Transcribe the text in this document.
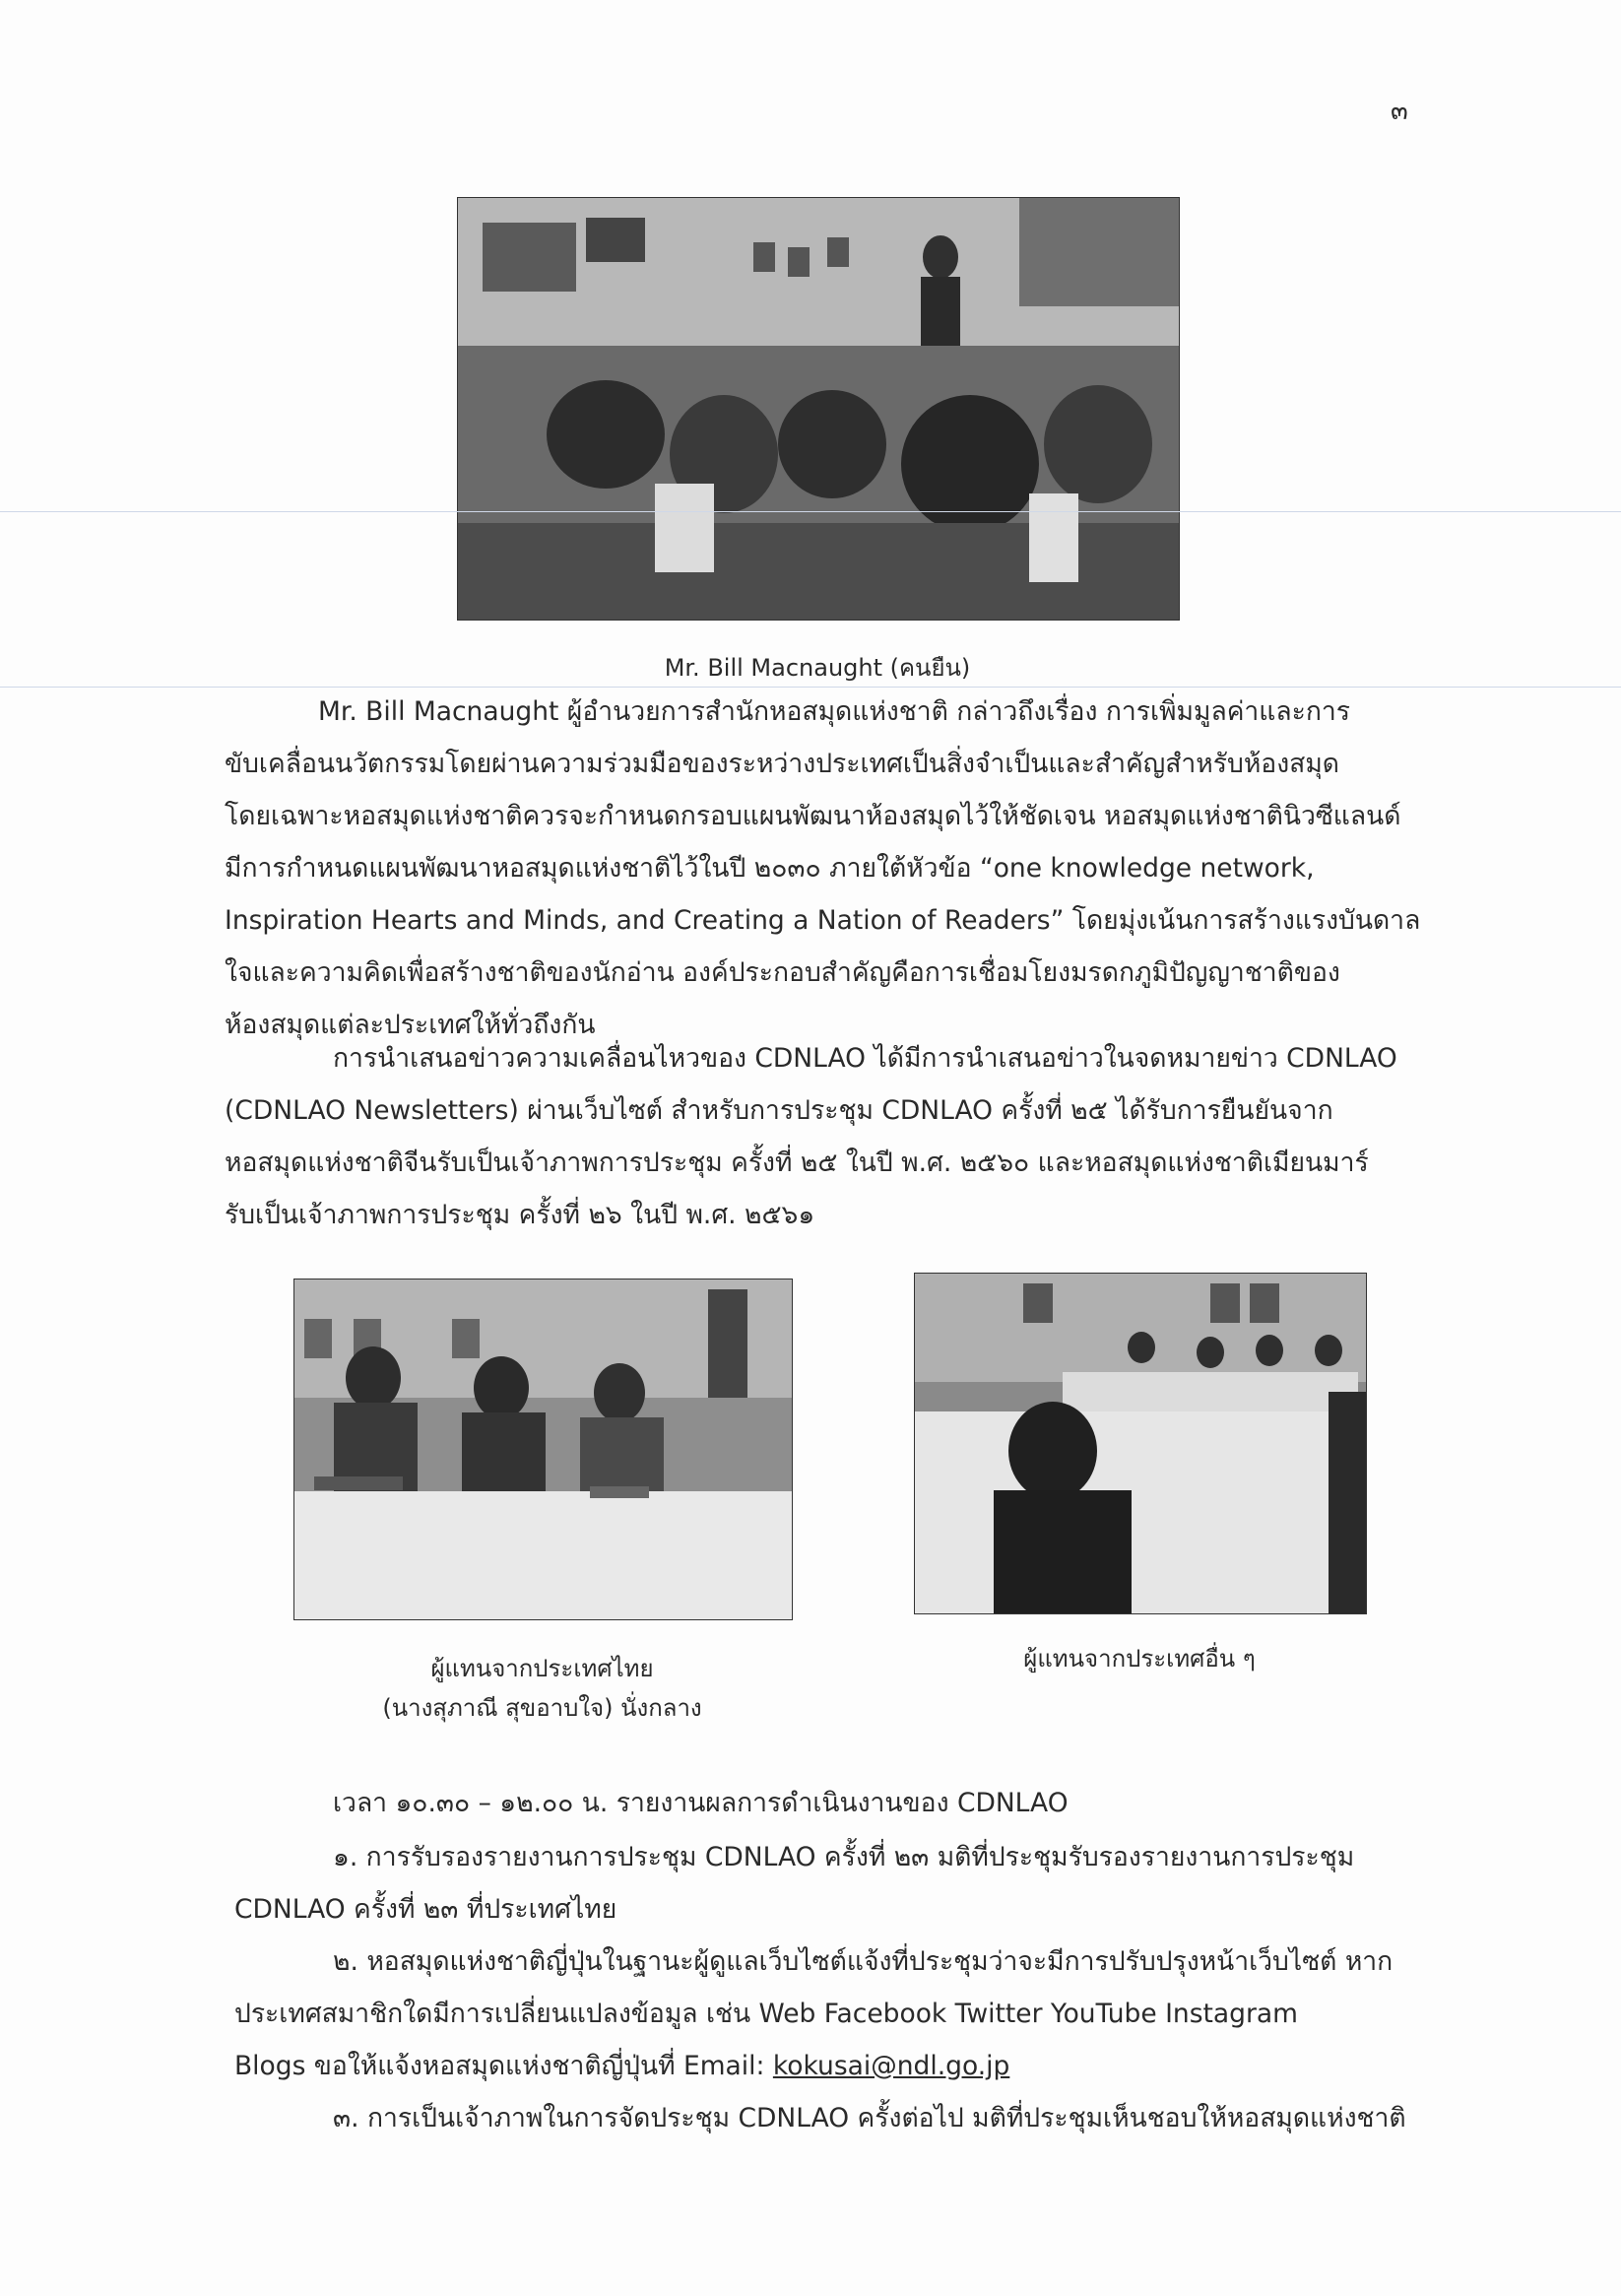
๓
Mr. Bill Macnaught (คนยืน)
Mr. Bill Macnaught ผู้อำนวยการสำนักหอสมุดแห่งชาติ กล่าวถึงเรื่อง การเพิ่มมูลค่าและการ
ขับเคลื่อนนวัตกรรมโดยผ่านความร่วมมือของระหว่างประเทศเป็นสิ่งจำเป็นและสำคัญสำหรับห้องสมุด
โดยเฉพาะหอสมุดแห่งชาติควรจะกำหนดกรอบแผนพัฒนาห้องสมุดไว้ให้ชัดเจน หอสมุดแห่งชาตินิวซีแลนด์
มีการกำหนดแผนพัฒนาหอสมุดแห่งชาติไว้ในปี ๒๐๓๐ ภายใต้หัวข้อ “one knowledge network,
Inspiration Hearts and Minds, and Creating a Nation of Readers” โดยมุ่งเน้นการสร้างแรงบันดาล
ใจและความคิดเพื่อสร้างชาติของนักอ่าน องค์ประกอบสำคัญคือการเชื่อมโยงมรดกภูมิปัญญาชาติของ
ห้องสมุดแต่ละประเทศให้ทั่วถึงกัน
การนำเสนอข่าวความเคลื่อนไหวของ CDNLAO ได้มีการนำเสนอข่าวในจดหมายข่าว CDNLAO
(CDNLAO Newsletters) ผ่านเว็บไซต์ สำหรับการประชุม CDNLAO ครั้งที่ ๒๕ ได้รับการยืนยันจาก
หอสมุดแห่งชาติจีนรับเป็นเจ้าภาพการประชุม ครั้งที่ ๒๕ ในปี พ.ศ. ๒๕๖๐ และหอสมุดแห่งชาติเมียนมาร์
รับเป็นเจ้าภาพการประชุม ครั้งที่ ๒๖ ในปี พ.ศ. ๒๕๖๑
ผู้แทนจากประเทศไทย
(นางสุภาณี สุขอาบใจ) นั่งกลาง
ผู้แทนจากประเทศอื่น ๆ
เวลา ๑๐.๓๐ – ๑๒.๐๐ น. รายงานผลการดำเนินงานของ CDNLAO
๑. การรับรองรายงานการประชุม CDNLAO ครั้งที่ ๒๓ มติที่ประชุมรับรองรายงานการประชุม
CDNLAO ครั้งที่ ๒๓ ที่ประเทศไทย
๒. หอสมุดแห่งชาติญี่ปุ่นในฐานะผู้ดูแลเว็บไซต์แจ้งที่ประชุมว่าจะมีการปรับปรุงหน้าเว็บไซต์ หาก
ประเทศสมาชิกใดมีการเปลี่ยนแปลงข้อมูล เช่น Web Facebook Twitter YouTube Instagram
Blogs ขอให้แจ้งหอสมุดแห่งชาติญี่ปุ่นที่ Email: kokusai@ndl.go.jp
๓. การเป็นเจ้าภาพในการจัดประชุม CDNLAO ครั้งต่อไป มติที่ประชุมเห็นชอบให้หอสมุดแห่งชาติ
